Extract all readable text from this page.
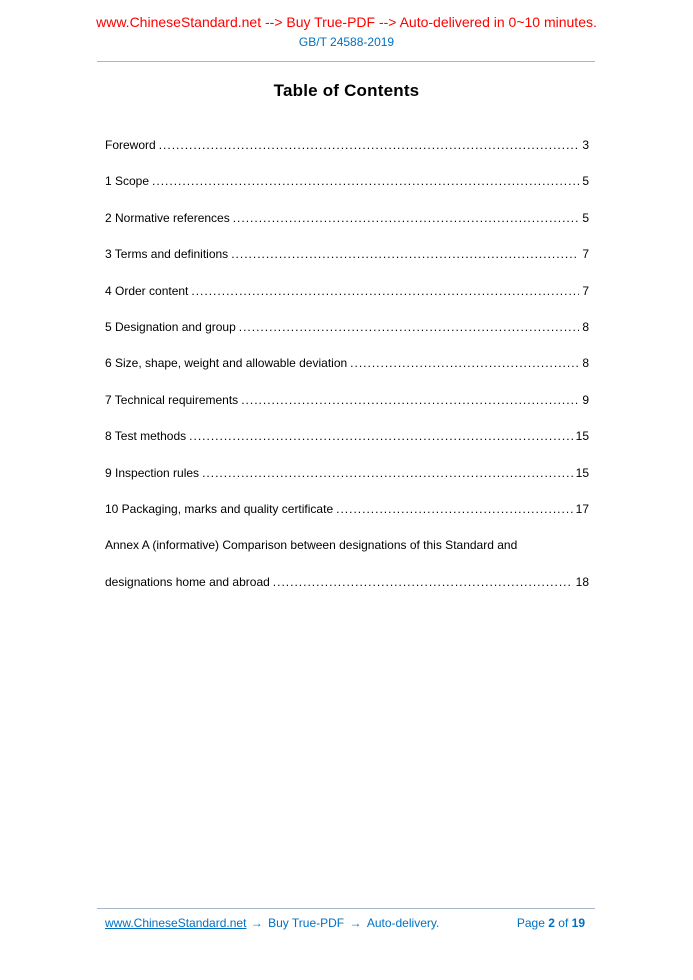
www.ChineseStandard.net --> Buy True-PDF --> Auto-delivered in 0~10 minutes.
GB/T 24588-2019
Table of Contents
Foreword .....	3
1 Scope .....	5
2 Normative references .....	5
3 Terms and definitions .....	7
4 Order content .....	7
5 Designation and group .....	8
6 Size, shape, weight and allowable deviation .....	8
7 Technical requirements .....	9
8 Test methods .....	15
9 Inspection rules .....	15
10 Packaging, marks and quality certificate .....	17
Annex A (informative) Comparison between designations of this Standard and
designations home and abroad .....	18
www.ChineseStandard.net → Buy True-PDF → Auto-delivery.	Page 2 of 19
